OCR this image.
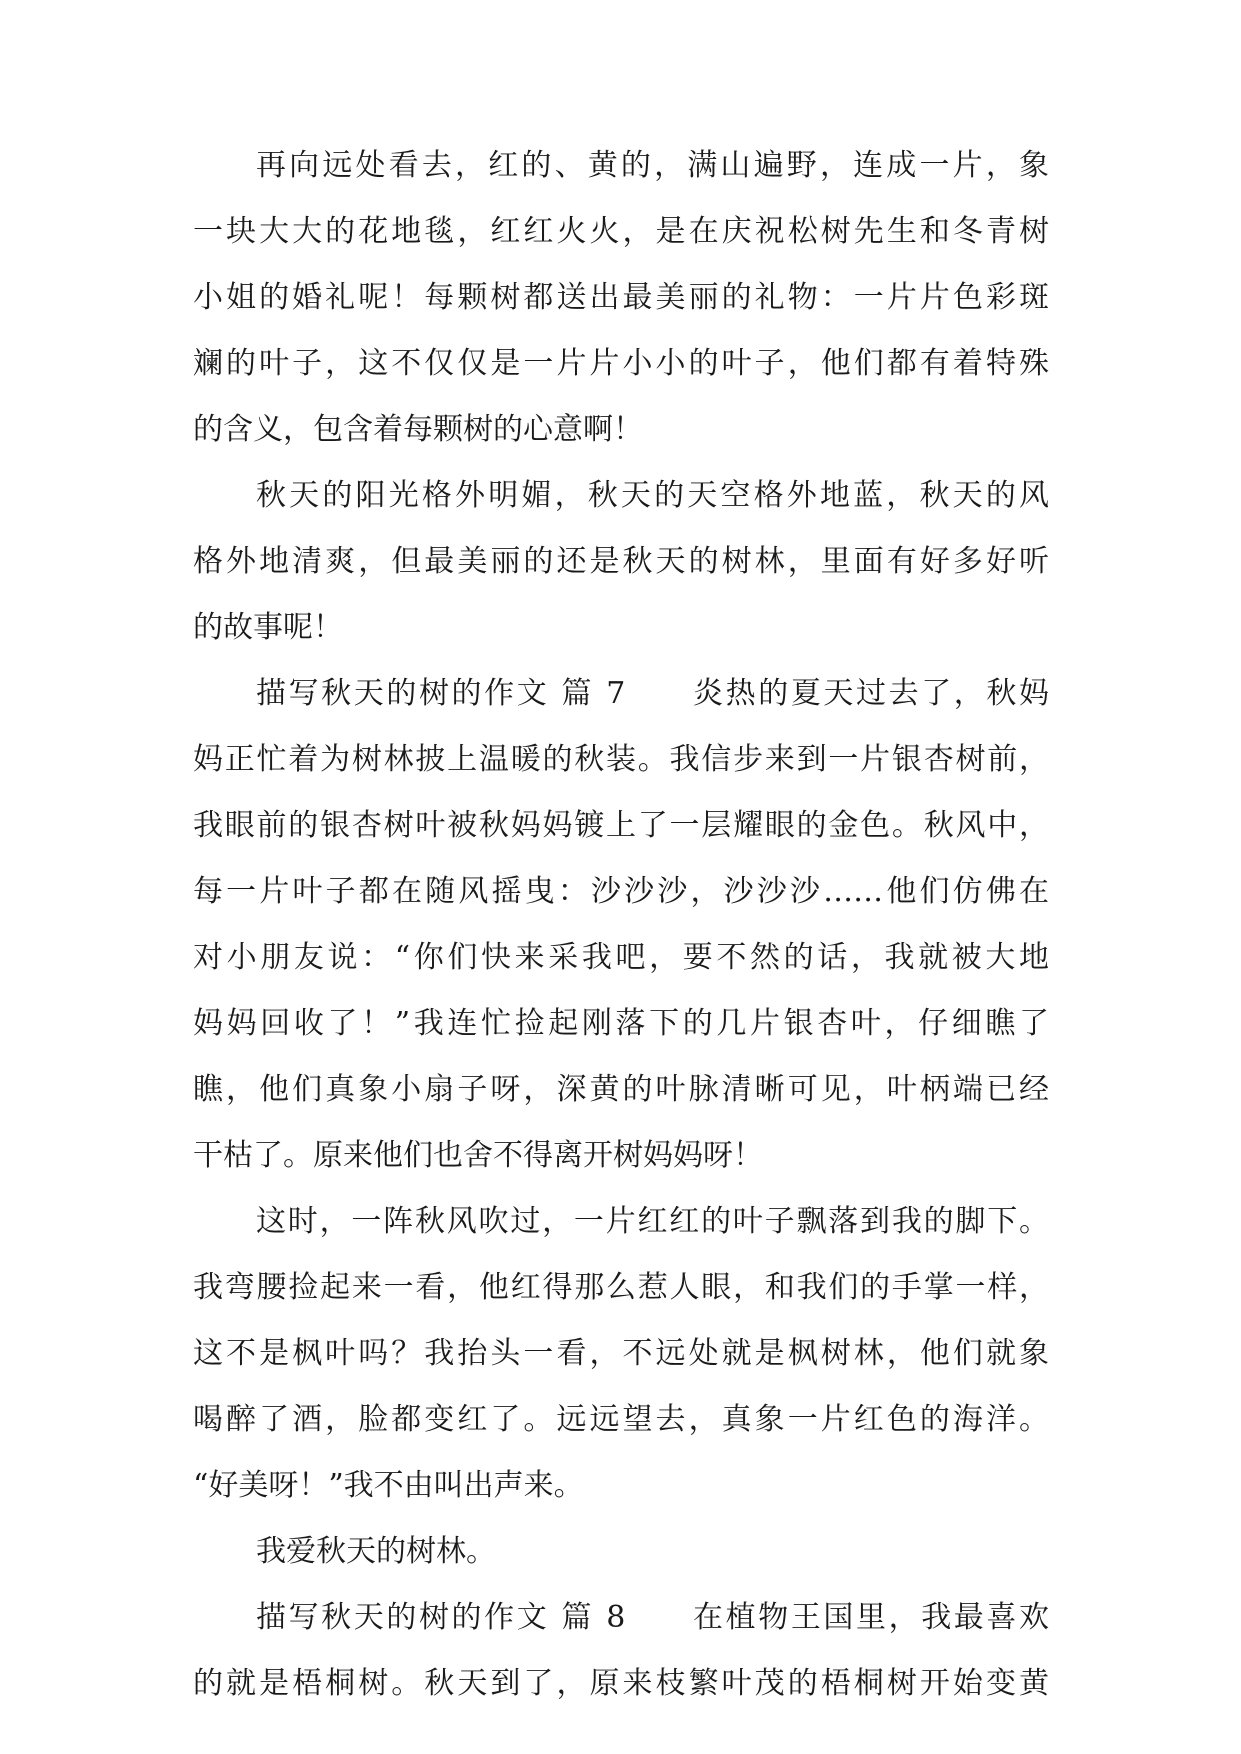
再向远处看去，红的、黄的，满山遍野，连成一片，象
一块大大的花地毯，红红火火，是在庆祝松树先生和冬青树
小姐的婚礼呢！每颗树都送出最美丽的礼物：一片片色彩斑
斓的叶子，这不仅仅是一片片小小的叶子，他们都有着特殊
的含义，包含着每颗树的心意啊！
秋天的阳光格外明媚，秋天的天空格外地蓝，秋天的风
格外地清爽，但最美丽的还是秋天的树林，里面有好多好听
的故事呢！
描写秋天的树的作文 篇 7　　炎热的夏天过去了，秋妈
妈正忙着为树林披上温暖的秋装。我信步来到一片银杏树前，
我眼前的银杏树叶被秋妈妈镀上了一层耀眼的金色。秋风中，
每一片叶子都在随风摇曳：沙沙沙，沙沙沙……他们仿佛在
对小朋友说：“你们快来采我吧，要不然的话，我就被大地
妈妈回收了！”我连忙捡起刚落下的几片银杏叶，仔细瞧了
瞧，他们真象小扇子呀，深黄的叶脉清晰可见，叶柄端已经
干枯了。原来他们也舍不得离开树妈妈呀！
这时，一阵秋风吹过，一片红红的叶子飘落到我的脚下。
我弯腰捡起来一看，他红得那么惹人眼，和我们的手掌一样，
这不是枫叶吗？我抬头一看，不远处就是枫树林，他们就象
喝醉了酒，脸都变红了。远远望去，真象一片红色的海洋。
“好美呀！”我不由叫出声来。
我爱秋天的树林。
描写秋天的树的作文 篇 8　　在植物王国里，我最喜欢
的就是梧桐树。秋天到了，原来枝繁叶茂的梧桐树开始变黄
